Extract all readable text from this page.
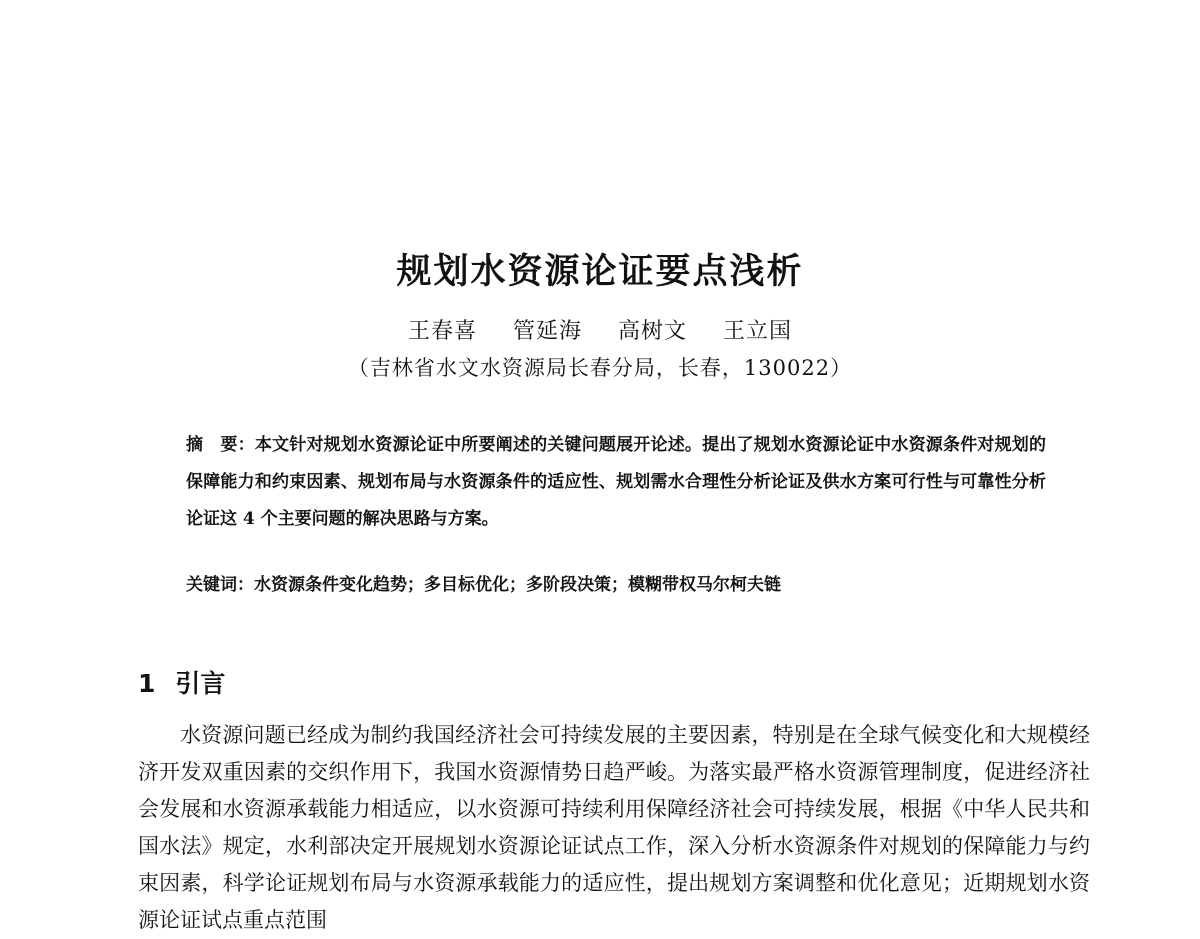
规划水资源论证要点浅析
王春喜 管延海 高树文 王立国
（吉林省水文水资源局长春分局，长春，130022）
摘　要：本文针对规划水资源论证中所要阐述的关键问题展开论述。提出了规划水资源论证中水资源条件对规划的保障能力和约束因素、规划布局与水资源条件的适应性、规划需水合理性分析论证及供水方案可行性与可靠性分析论证这 4 个主要问题的解决思路与方案。
关键词：水资源条件变化趋势；多目标优化；多阶段决策；模糊带权马尔柯夫链
1 引言
水资源问题已经成为制约我国经济社会可持续发展的主要因素，特别是在全球气候变化和大规模经济开发双重因素的交织作用下，我国水资源情势日趋严峻。为落实最严格水资源管理制度，促进经济社会发展和水资源承载能力相适应，以水资源可持续利用保障经济社会可持续发展，根据《中华人民共和国水法》规定，水利部决定开展规划水资源论证试点工作，深入分析水资源条件对规划的保障能力与约束因素，科学论证规划布局与水资源承载能力的适应性，提出规划方案调整和优化意见；近期规划水资源论证试点重点范围
